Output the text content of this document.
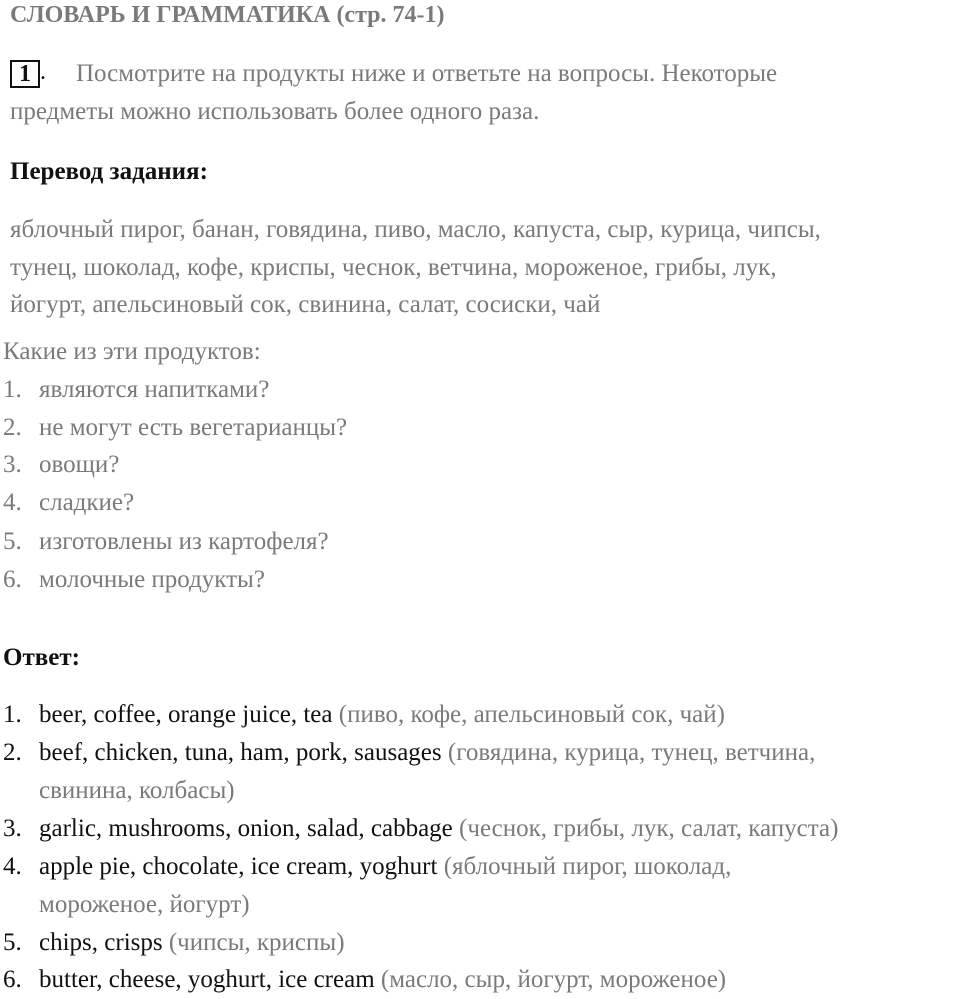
СЛОВАРЬ И ГРАММАТИКА (стр. 74-1)
1 . Посмотрите на продукты ниже и ответьте на вопросы. Некоторые
предметы можно использовать более одного раза.
Перевод задания:
яблочный пирог, банан, говядина, пиво, масло, капуста, сыр, курица, чипсы,
тунец, шоколад, кофе, криспы, чеснок, ветчина, мороженое, грибы, лук,
йогурт, апельсиновый сок, свинина, салат, сосиски, чай
Какие из эти продуктов:
1. являются напитками?
2. не могут есть вегетарианцы?
3. овощи?
4. сладкие?
5. изготовлены из картофеля?
6. молочные продукты?
Ответ:
1. beer, coffee, orange juice, tea (пиво, кофе, апельсиновый сок, чай)
2. beef, chicken, tuna, ham, pork, sausages (говядина, курица, тунец, ветчина,
свинина, колбасы)
3. garlic, mushrooms, onion, salad, cabbage (чеснок, грибы, лук, салат, капуста)
4. apple pie, chocolate, ice cream, yoghurt (яблочный пирог, шоколад,
мороженое, йогурт)
5. chips, crisps (чипсы, криспы)
6. butter, cheese, yoghurt, ice cream (масло, сыр, йогурт, мороженое)
